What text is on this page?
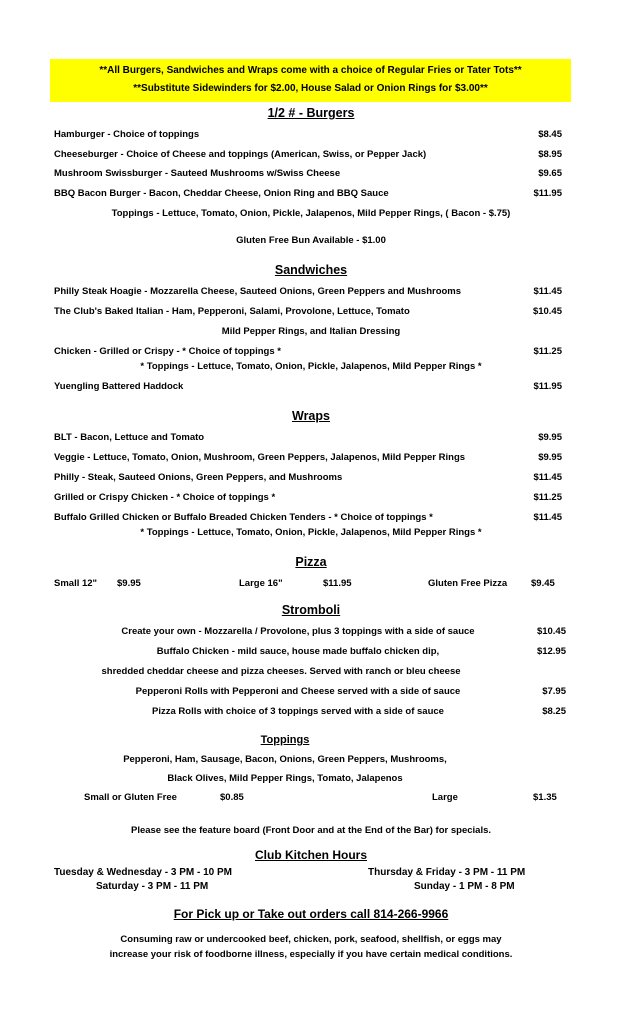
**All Burgers, Sandwiches and Wraps come with a choice of Regular Fries or Tater Tots**
**Substitute Sidewinders for $2.00, House Salad or Onion Rings for $3.00**
1/2 # - Burgers
Hamburger - Choice of toppings	$8.45
Cheeseburger - Choice of Cheese and toppings (American, Swiss, or Pepper Jack)	$8.95
Mushroom Swissburger - Sauteed Mushrooms w/Swiss Cheese	$9.65
BBQ Bacon Burger - Bacon, Cheddar Cheese, Onion Ring and BBQ Sauce	$11.95
Toppings - Lettuce, Tomato, Onion, Pickle, Jalapenos, Mild Pepper Rings, ( Bacon - $.75)
Gluten Free Bun Available - $1.00
Sandwiches
Philly Steak Hoagie - Mozzarella Cheese, Sauteed Onions, Green Peppers and Mushrooms	$11.45
The Club's Baked Italian - Ham, Pepperoni, Salami, Provolone, Lettuce, Tomato	$10.45
Mild Pepper Rings, and Italian Dressing
Chicken - Grilled or Crispy - * Choice of toppings *	$11.25
* Toppings - Lettuce, Tomato, Onion, Pickle, Jalapenos, Mild Pepper Rings *
Yuengling Battered Haddock	$11.95
Wraps
BLT - Bacon, Lettuce and Tomato	$9.95
Veggie - Lettuce, Tomato, Onion, Mushroom, Green Peppers, Jalapenos, Mild Pepper Rings	$9.95
Philly - Steak, Sauteed Onions, Green Peppers, and Mushrooms	$11.45
Grilled or Crispy Chicken - * Choice of toppings *	$11.25
Buffalo Grilled Chicken or Buffalo Breaded Chicken Tenders - * Choice of toppings *	$11.45
* Toppings - Lettuce, Tomato, Onion, Pickle, Jalapenos, Mild Pepper Rings *
Pizza
Small 12" $9.95	Large 16"	$11.95	Gluten Free Pizza	$9.45
Stromboli
Create your own - Mozzarella / Provolone, plus 3 toppings with a side of sauce	$10.45
Buffalo Chicken - mild sauce, house made buffalo chicken dip,	$12.95
shredded cheddar cheese and pizza cheeses. Served with ranch or bleu cheese
Pepperoni Rolls with Pepperoni and Cheese served with a side of sauce	$7.95
Pizza Rolls with choice of 3 toppings served with a side of sauce	$8.25
Toppings
Pepperoni, Ham, Sausage, Bacon, Onions, Green Peppers, Mushrooms,
Black Olives, Mild Pepper Rings, Tomato, Jalapenos
Small or Gluten Free	$0.85	Large	$1.35
Please see the feature board (Front Door and at the End of the Bar) for specials.
Club Kitchen Hours
Tuesday & Wednesday - 3 PM - 10 PM	Thursday & Friday - 3 PM - 11 PM
Saturday - 3 PM - 11 PM	Sunday - 1 PM - 8 PM
For Pick up or Take out orders call 814-266-9966
Consuming raw or undercooked beef, chicken, pork, seafood, shellfish, or eggs may
increase your risk of foodborne illness, especially if you have certain medical conditions.
